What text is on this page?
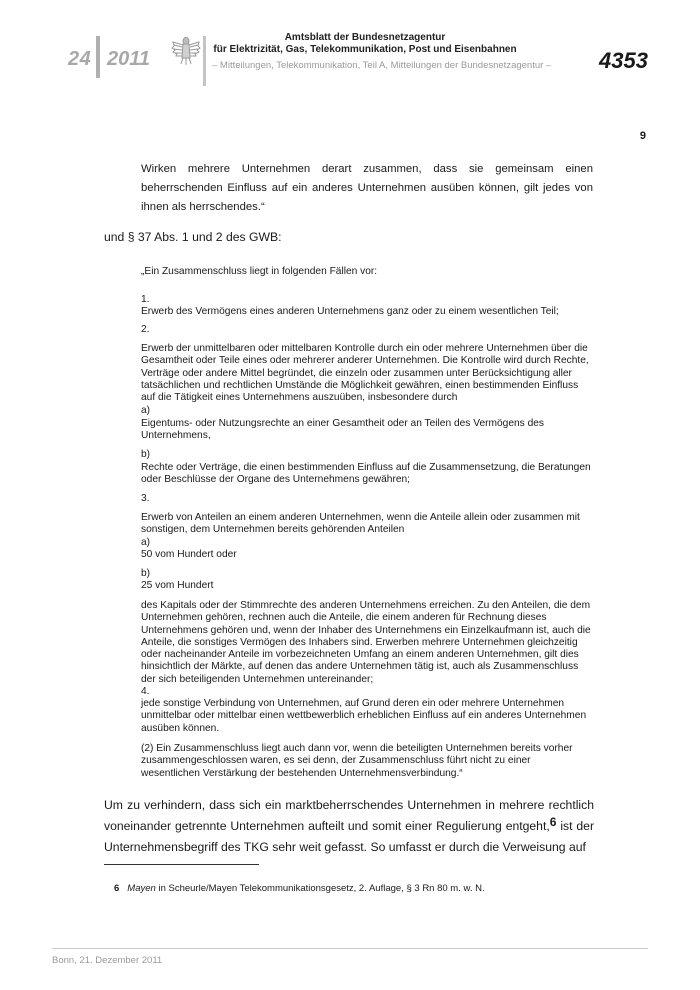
24 2011
Amtsblatt der Bundesnetzagentur
für Elektrizität, Gas, Telekommunikation, Post und Eisenbahnen
– Mitteilungen, Telekommunikation, Teil A, Mitteilungen der Bundesnetzagentur – 4353
9
Wirken mehrere Unternehmen derart zusammen, dass sie gemeinsam einen beherrschenden Einfluss auf ein anderes Unternehmen ausüben können, gilt jedes von ihnen als herrschendes.“
und § 37 Abs. 1 und 2 des GWB:
„Ein Zusammenschluss liegt in folgenden Fällen vor:
1.
Erwerb des Vermögens eines anderen Unternehmens ganz oder zu einem wesentlichen Teil;
2.
Erwerb der unmittelbaren oder mittelbaren Kontrolle durch ein oder mehrere Unternehmen über die Gesamtheit oder Teile eines oder mehrerer anderer Unternehmen. Die Kontrolle wird durch Rechte, Verträge oder andere Mittel begründet, die einzeln oder zusammen unter Berücksichtigung aller tatsächlichen und rechtlichen Umstände die Möglichkeit gewähren, einen bestimmenden Einfluss auf die Tätigkeit eines Unternehmens auszuüben, insbesondere durch
a)
Eigentums- oder Nutzungsrechte an einer Gesamtheit oder an Teilen des Vermögens des Unternehmens,
b)
Rechte oder Verträge, die einen bestimmenden Einfluss auf die Zusammensetzung, die Beratungen oder Beschlüsse der Organe des Unternehmens gewähren;
3.
Erwerb von Anteilen an einem anderen Unternehmen, wenn die Anteile allein oder zusammen mit sonstigen, dem Unternehmen bereits gehörenden Anteilen
a)
50 vom Hundert oder
b)
25 vom Hundert
des Kapitals oder der Stimmrechte des anderen Unternehmens erreichen. Zu den Anteilen, die dem Unternehmen gehören, rechnen auch die Anteile, die einem anderen für Rechnung dieses Unternehmens gehören und, wenn der Inhaber des Unternehmens ein Einzelkaufmann ist, auch die Anteile, die sonstiges Vermögen des Inhabers sind. Erwerben mehrere Unternehmen gleichzeitig oder nacheinander Anteile im vorbezeichneten Umfang an einem anderen Unternehmen, gilt dies hinsichtlich der Märkte, auf denen das andere Unternehmen tätig ist, auch als Zusammenschluss der sich beteiligenden Unternehmen untereinander;
4.
jede sonstige Verbindung von Unternehmen, auf Grund deren ein oder mehrere Unternehmen unmittelbar oder mittelbar einen wettbewerblich erheblichen Einfluss auf ein anderes Unternehmen ausüben können.
(2) Ein Zusammenschluss liegt auch dann vor, wenn die beteiligten Unternehmen bereits vorher zusammengeschlossen waren, es sei denn, der Zusammenschluss führt nicht zu einer wesentlichen Verstärkung der bestehenden Unternehmensverbindung.“
Um zu verhindern, dass sich ein marktbeherrschendes Unternehmen in mehrere rechtlich voneinander getrennte Unternehmen aufteilt und somit einer Regulierung entgeht,$^6$ ist der Unternehmensbegriff des TKG sehr weit gefasst. So umfasst er durch die Verweisung auf
6 Mayen in Scheurle/Mayen Telekommunikationsgesetz, 2. Auflage, § 3 Rn 80 m. w. N.
Bonn, 21. Dezember 2011
